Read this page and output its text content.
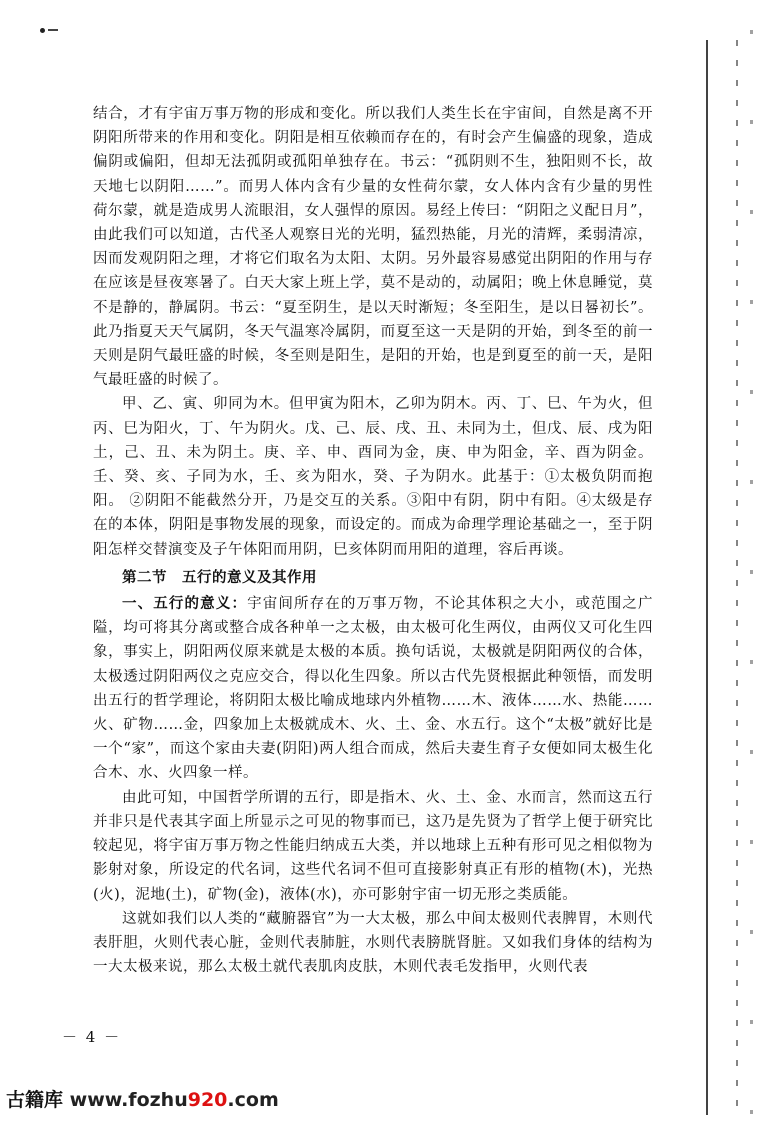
结合，才有宇宙万事万物的形成和变化。所以我们人类生长在宇宙间，自然是离不开阴阳所带来的作用和变化。阴阳是相互依赖而存在的，有时会产生偏盛的现象，造成偏阴或偏阳，但却无法孤阴或孤阳单独存在。书云：“孤阴则不生，独阳则不长，故天地七以阴阳……”。而男人体内含有少量的女性荷尔蒙，女人体内含有少量的男性荷尔蒙，就是造成男人流眼泪，女人强悍的原因。易经上传曰：“阴阳之义配日月”，由此我们可以知道，古代圣人观察日光的光明，猛烈热能，月光的清辉，柔弱清凉，因而发观阴阳之理，才将它们取名为太阳、太阴。另外最容易感觉出阴阳的作用与存在应该是昼夜寒暑了。白天大家上班上学，莫不是动的，动属阳；晚上休息睡觉，莫不是静的，静属阴。书云：“夏至阴生，是以天时渐短；冬至阳生，是以日晷初长”。此乃指夏天天气属阴，冬天气温寒冷属阴，而夏至这一天是阴的开始，到冬至的前一天则是阴气最旺盛的时候，冬至则是阳生，是阳的开始，也是到夏至的前一天，是阳气最旺盛的时候了。

甲、乙、寅、卯同为木。但甲寅为阳木，乙卯为阴木。丙、丁、巳、午为火，但丙、巳为阳火，丁、午为阴火。戊、己、辰、戌、丑、未同为土，但戊、辰、戌为阳土，己、丑、未为阴土。庚、辛、申、酉同为金，庚、申为阳金，辛、酉为阴金。壬、癸、亥、子同为水，壬、亥为阳水，癸、子为阴水。此基于：①太极负阴而抱阳。 ②阴阳不能截然分开，乃是交互的关系。③阳中有阴，阴中有阳。④太级是存在的本体，阴阳是事物发展的现象，而设定的。而成为命理学理论基础之一，至于阴阳怎样交替演变及子午体阳而用阴，巳亥体阴而用阳的道理，容后再谈。

第二节　五行的意义及其作用

一、五行的意义：宇宙间所存在的万事万物，不论其体积之大小，或范围之广隘，均可将其分离或整合成各种单一之太极，由太极可化生两仪，由两仪又可化生四象，事实上，阴阳两仪原来就是太极的本质。换句话说，太极就是阴阳两仪的合体，太极透过阴阳两仪之克应交合，得以化生四象。所以古代先贤根据此种领悟，而发明出五行的哲学理论，将阴阳太极比喻成地球内外植物……木、液体……水、热能……火、矿物……金，四象加上太极就成木、火、土、金、水五行。这个“太极”就好比是一个“家”，而这个家由夫妻(阴阳)两人组合而成，然后夫妻生育子女便如同太极生化合木、水、火四象一样。

由此可知，中国哲学所谓的五行，即是指木、火、土、金、水而言，然而这五行并非只是代表其字面上所显示之可见的物事而已，这乃是先贤为了哲学上便于研究比较起见，将宇宙万事万物之性能归纳成五大类，并以地球上五种有形可见之相似物为影射对象，所设定的代名词，这些代名词不但可直接影射真正有形的植物(木)，光热(火)，泥地(土)，矿物(金)，液体(水)，亦可影射宇宙一切无形之类质能。

这就如我们以人类的“藏腑器官”为一大太极，那么中间太极则代表脾胃，木则代表肝胆，火则代表心脏，金则代表肺脏，水则代表膀胱肾脏。又如我们身体的结构为一大太极来说，那么太极土就代表肌肉皮肤，木则代表毛发指甲，火则代表

－ 4 －
古籍库 www.fozhu920.com
